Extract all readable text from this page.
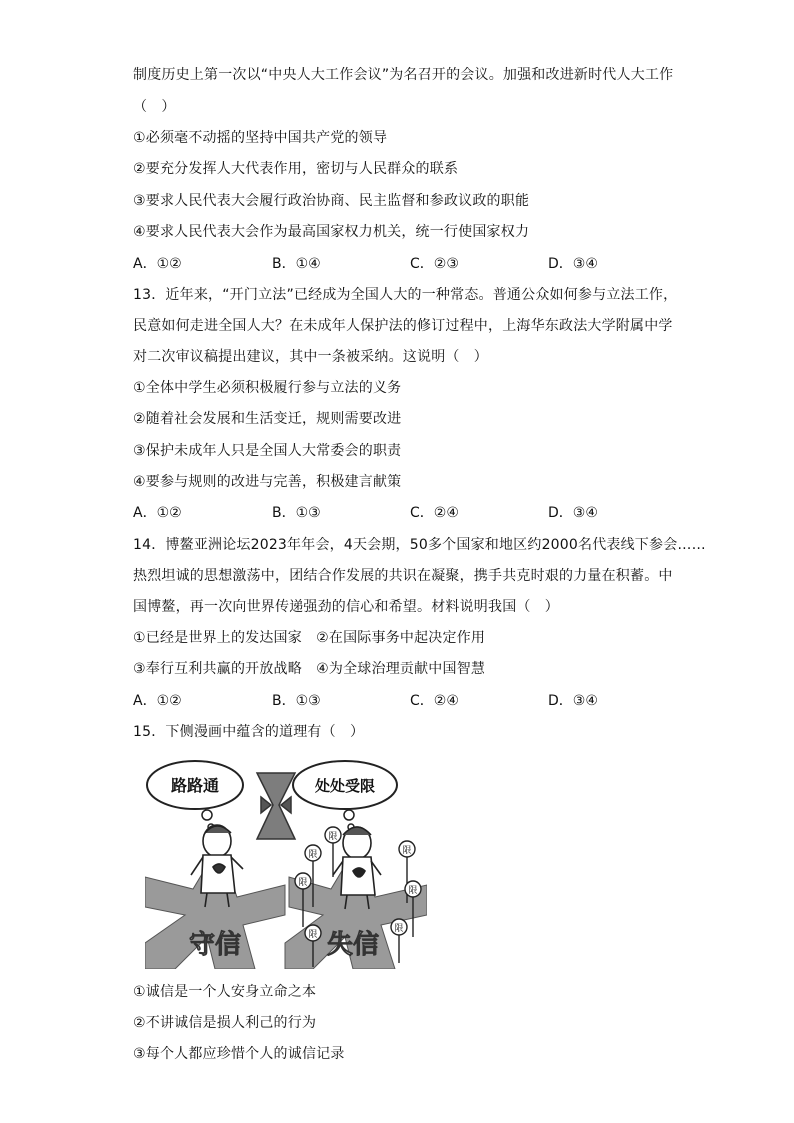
制度历史上第一次以“中央人大工作会议”为名召开的会议。加强和改进新时代人大工作
（　）
①必须毫不动摇的坚持中国共产党的领导
②要充分发挥人大代表作用，密切与人民群众的联系
③要求人民代表大会履行政治协商、民主监督和参政议政的职能
④要求人民代表大会作为最高国家权力机关，统一行使国家权力
A．①②	B．①④	C．②③	D．③④
13．近年来，“开门立法”已经成为全国人大的一种常态。普通公众如何参与立法工作，
民意如何走进全国人大？在未成年人保护法的修订过程中，上海华东政法大学附属中学
对二次审议稿提出建议，其中一条被采纳。这说明（　）
①全体中学生必须积极履行参与立法的义务
②随着社会发展和生活变迁，规则需要改进
③保护未成年人只是全国人大常委会的职责
④要参与规则的改进与完善，积极建言献策
A．①②	B．①③	C．②④	D．③④
14．博鳌亚洲论坛2023年年会，4天会期，50多个国家和地区约2000名代表线下参会……
热烈坦诚的思想激荡中，团结合作发展的共识在凝聚，携手共克时艰的力量在积蓄。中
国博鳌，再一次向世界传递强劲的信心和希望。材料说明我国（　）
①已经是世界上的发达国家　②在国际事务中起决定作用
③奉行互利共赢的开放战略　④为全球治理贡献中国智慧
A．①②	B．①③	C．②④	D．③④
15．下侧漫画中蕴含的道理有（　）
路路通	处处受限
限
限
限
限
限
限
限
守信	失信
①诚信是一个人安身立命之本
②不讲诚信是损人利己的行为
③每个人都应珍惜个人的诚信记录
